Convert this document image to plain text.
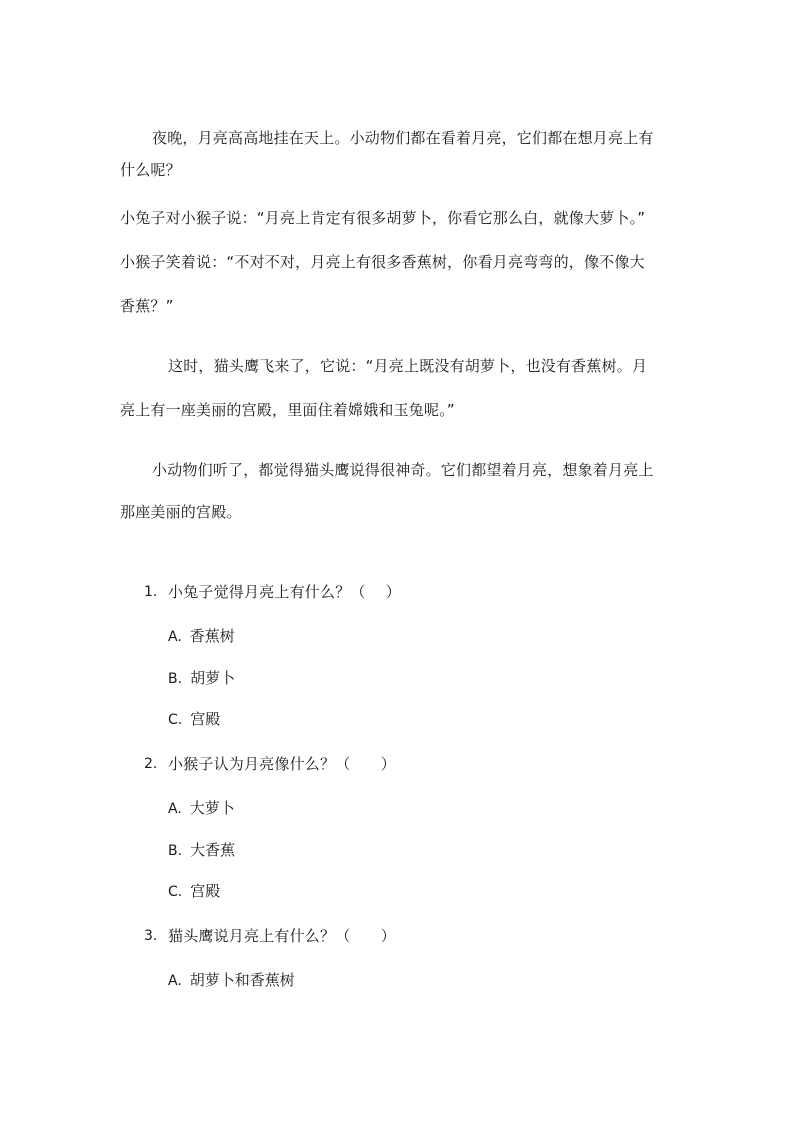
夜晚，月亮高高地挂在天上。小动物们都在看着月亮，它们都在想月亮上有
什么呢？
小兔子对小猴子说：“月亮上肯定有很多胡萝卜，你看它那么白，就像大萝卜。”
小猴子笑着说：“不对不对，月亮上有很多香蕉树，你看月亮弯弯的，像不像大
香蕉？”
这时，猫头鹰飞来了，它说：“月亮上既没有胡萝卜，也没有香蕉树。月
亮上有一座美丽的宫殿，里面住着嫦娥和玉兔呢。”
小动物们听了，都觉得猫头鹰说得很神奇。它们都望着月亮，想象着月亮上
那座美丽的宫殿。
1. 小兔子觉得月亮上有什么？（　 ）
A. 香蕉树
B. 胡萝卜
C. 宫殿
2. 小猴子认为月亮像什么？（　　）
A. 大萝卜
B. 大香蕉
C. 宫殿
3. 猫头鹰说月亮上有什么？（　　）
A. 胡萝卜和香蕉树
